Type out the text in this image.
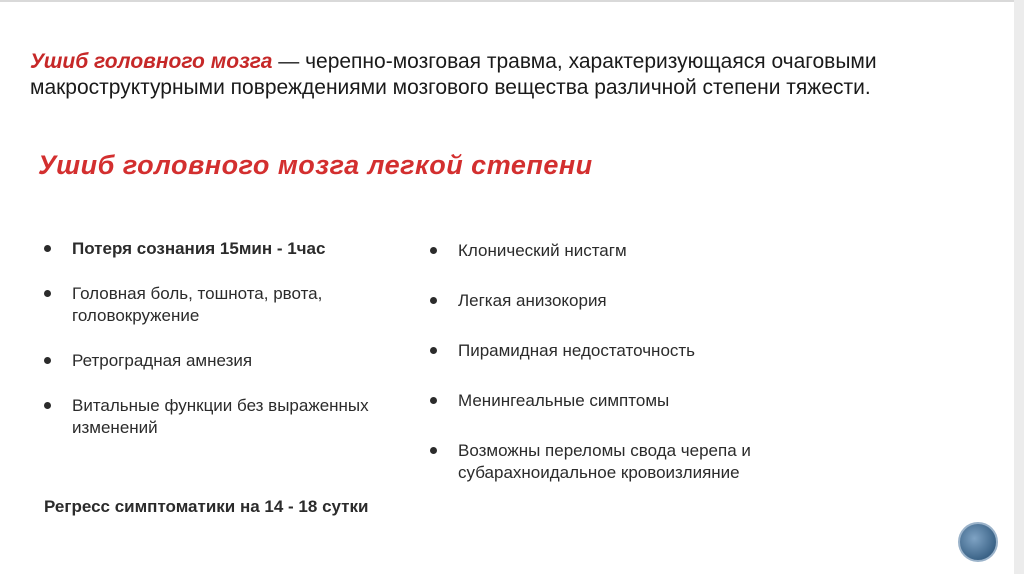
Ушиб головного мозга — черепно-мозговая травма, характеризующаяся очаговыми макроструктурными повреждениями мозгового вещества различной степени тяжести.

Ушиб головного мозга легкой степени
Потеря сознания 15мин - 1час
Головная боль, тошнота, рвота, головокружение
Ретроградная амнезия
Витальные функции без выраженных изменений
Регресс симптоматики на 14 - 18 сутки
Клонический нистагм
Легкая анизокория
Пирамидная недостаточность
Менингеальные симптомы
Возможны переломы свода черепа и субарахноидальное кровоизлияние
